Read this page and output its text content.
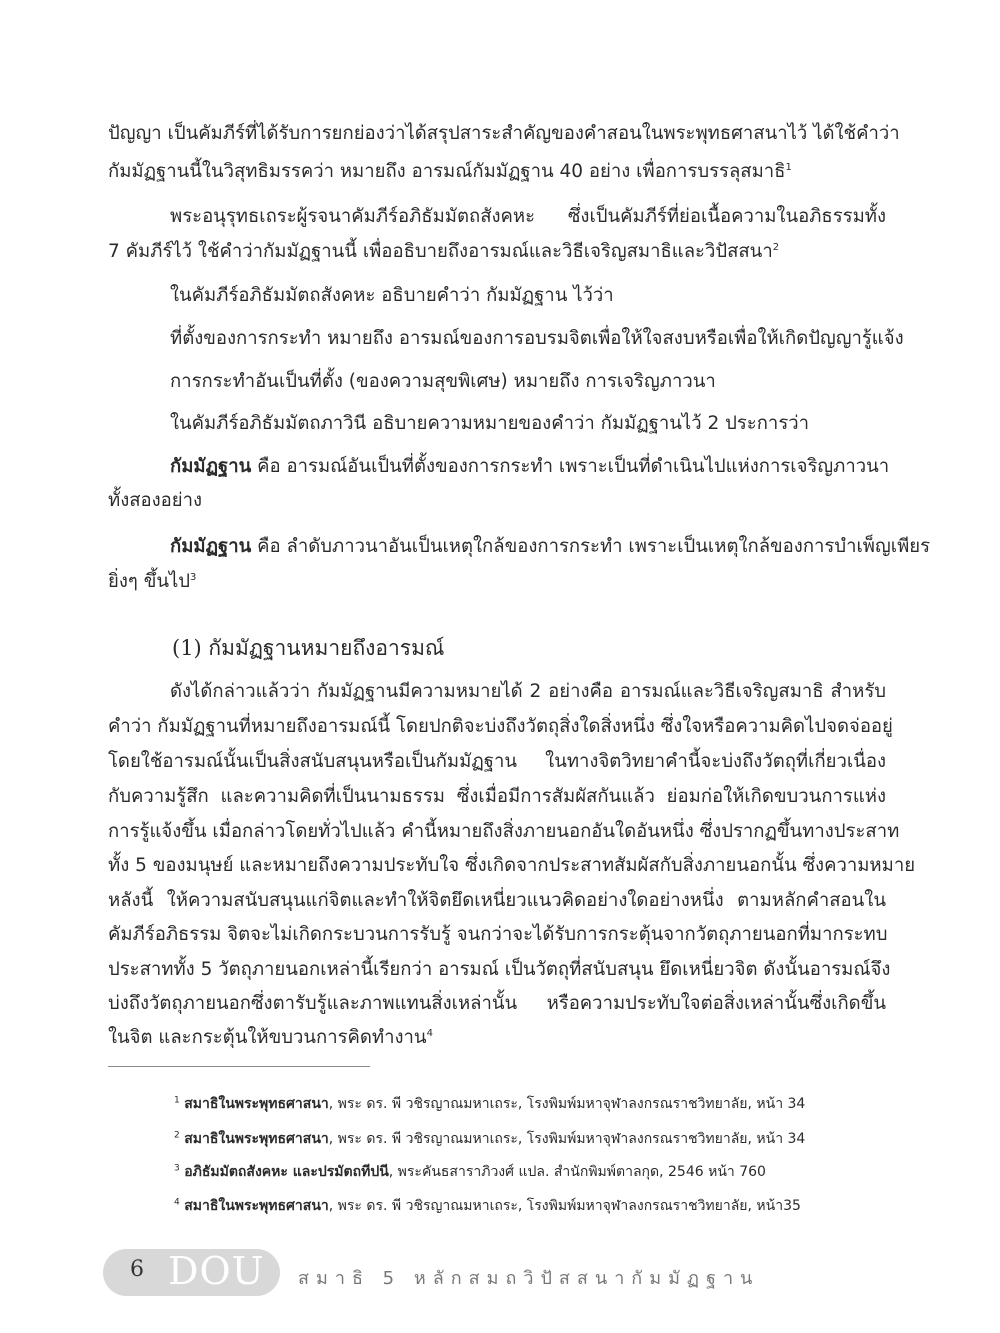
ปัญญา เป็นคัมภีร์ที่ได้รับการยกย่องว่าได้สรุปสาระสำคัญของคำสอนในพระพุทธศาสนาไว้ ได้ใช้คำว่า
กัมมัฏฐานนี้ในวิสุทธิมรรคว่า หมายถึง อารมณ์กัมมัฏฐาน 40 อย่าง เพื่อการบรรลุสมาธิ$^1$
พระอนุรุทธเถระผู้รจนาคัมภีร์อภิธัมมัตถสังคหะ ซึ่งเป็นคัมภีร์ที่ย่อเนื้อความในอภิธรรมทั้ง
7 คัมภีร์ไว้ ใช้คำว่ากัมมัฏฐานนี้ เพื่ออธิบายถึงอารมณ์และวิธีเจริญสมาธิและวิปัสสนา$^2$
ในคัมภีร์อภิธัมมัตถสังคหะ อธิบายคำว่า กัมมัฏฐาน ไว้ว่า
ที่ตั้งของการกระทำ หมายถึง อารมณ์ของการอบรมจิตเพื่อให้ใจสงบหรือเพื่อให้เกิดปัญญารู้แจ้ง
การกระทำอันเป็นที่ตั้ง (ของความสุขพิเศษ) หมายถึง การเจริญภาวนา
ในคัมภีร์อภิธัมมัตถภาวินี อธิบายความหมายของคำว่า กัมมัฏฐานไว้ 2 ประการว่า
กัมมัฏฐาน คือ อารมณ์อันเป็นที่ตั้งของการกระทำ เพราะเป็นที่ดำเนินไปแห่งการเจริญภาวนา
ทั้งสองอย่าง
กัมมัฏฐาน คือ ลำดับภาวนาอันเป็นเหตุใกล้ของการกระทำ เพราะเป็นเหตุใกล้ของการบำเพ็ญเพียร
ยิ่งๆ ขึ้นไป$^3$
(1) กัมมัฏฐานหมายถึงอารมณ์
ดังได้กล่าวแล้วว่า กัมมัฏฐานมีความหมายได้ 2 อย่างคือ อารมณ์และวิธีเจริญสมาธิ สำหรับ
คำว่า กัมมัฏฐานที่หมายถึงอารมณ์นี้ โดยปกติจะบ่งถึงวัตถุสิ่งใดสิ่งหนึ่ง ซึ่งใจหรือความคิดไปจดจ่ออยู่
โดยใช้อารมณ์นั้นเป็นสิ่งสนับสนุนหรือเป็นกัมมัฏฐาน ในทางจิตวิทยาคำนี้จะบ่งถึงวัตถุที่เกี่ยวเนื่อง
กับความรู้สึก และความคิดที่เป็นนามธรรม ซึ่งเมื่อมีการสัมผัสกันแล้ว ย่อมก่อให้เกิดขบวนการแห่ง
การรู้แจ้งขึ้น เมื่อกล่าวโดยทั่วไปแล้ว คำนี้หมายถึงสิ่งภายนอกอันใดอันหนึ่ง ซึ่งปรากฏขึ้นทางประสาท
ทั้ง 5 ของมนุษย์ และหมายถึงความประทับใจ ซึ่งเกิดจากประสาทสัมผัสกับสิ่งภายนอกนั้น ซึ่งความหมาย
หลังนี้ ให้ความสนับสนุนแก่จิตและทำให้จิตยึดเหนี่ยวแนวคิดอย่างใดอย่างหนึ่ง ตามหลักคำสอนใน
คัมภีร์อภิธรรม จิตจะไม่เกิดกระบวนการรับรู้ จนกว่าจะได้รับการกระตุ้นจากวัตถุภายนอกที่มากระทบ
ประสาททั้ง 5 วัตถุภายนอกเหล่านี้เรียกว่า อารมณ์ เป็นวัตถุที่สนับสนุน ยึดเหนี่ยวจิต ดังนั้นอารมณ์จึง
บ่งถึงวัตถุภายนอกซึ่งตารับรู้และภาพแทนสิ่งเหล่านั้น หรือความประทับใจต่อสิ่งเหล่านั้นซึ่งเกิดขึ้น
ในจิต และกระตุ้นให้ขบวนการคิดทำงาน$^4$
$^1$ สมาธิในพระพุทธศาสนา, พระ ดร. พี วชิรญาณมหาเถระ, โรงพิมพ์มหาจุฬาลงกรณราชวิทยาลัย, หน้า 34
$^2$ สมาธิในพระพุทธศาสนา, พระ ดร. พี วชิรญาณมหาเถระ, โรงพิมพ์มหาจุฬาลงกรณราชวิทยาลัย, หน้า 34
$^3$ อภิธัมมัตถสังคหะ และปรมัตถทีปนี, พระคันธสาราภิวงศ์ แปล. สำนักพิมพ์ตาลกุด, 2546 หน้า 760
$^4$ สมาธิในพระพุทธศาสนา, พระ ดร. พี วชิรญาณมหาเถระ, โรงพิมพ์มหาจุฬาลงกรณราชวิทยาลัย, หน้า35
6 DOU สมาธิ 5 หลักสมถวิปัสสนากัมมัฏฐาน
